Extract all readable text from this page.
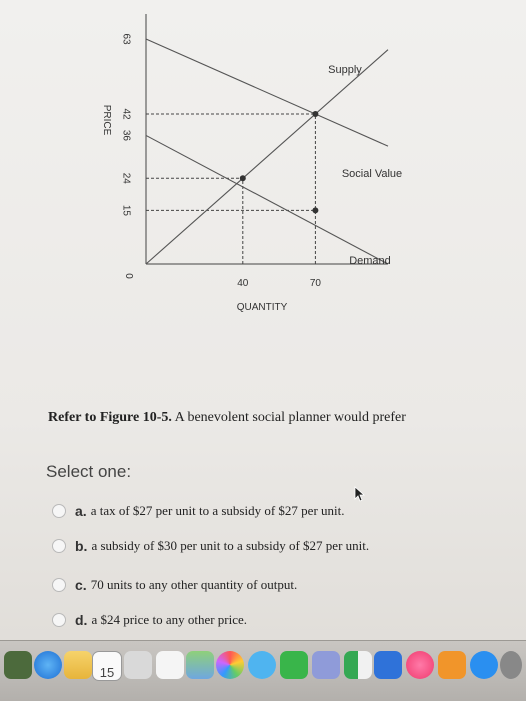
63
42
36
24
15
0
40	70
PRICE
QUANTITY
Supply
Social Value
Demand
Refer to Figure 10-5. A benevolent social planner would prefer
Select one:
a. a tax of $27 per unit to a subsidy of $27 per unit.
b. a subsidy of $30 per unit to a subsidy of $27 per unit.
c. 70 units to any other quantity of output.
d. a $24 price to any other price.
15
